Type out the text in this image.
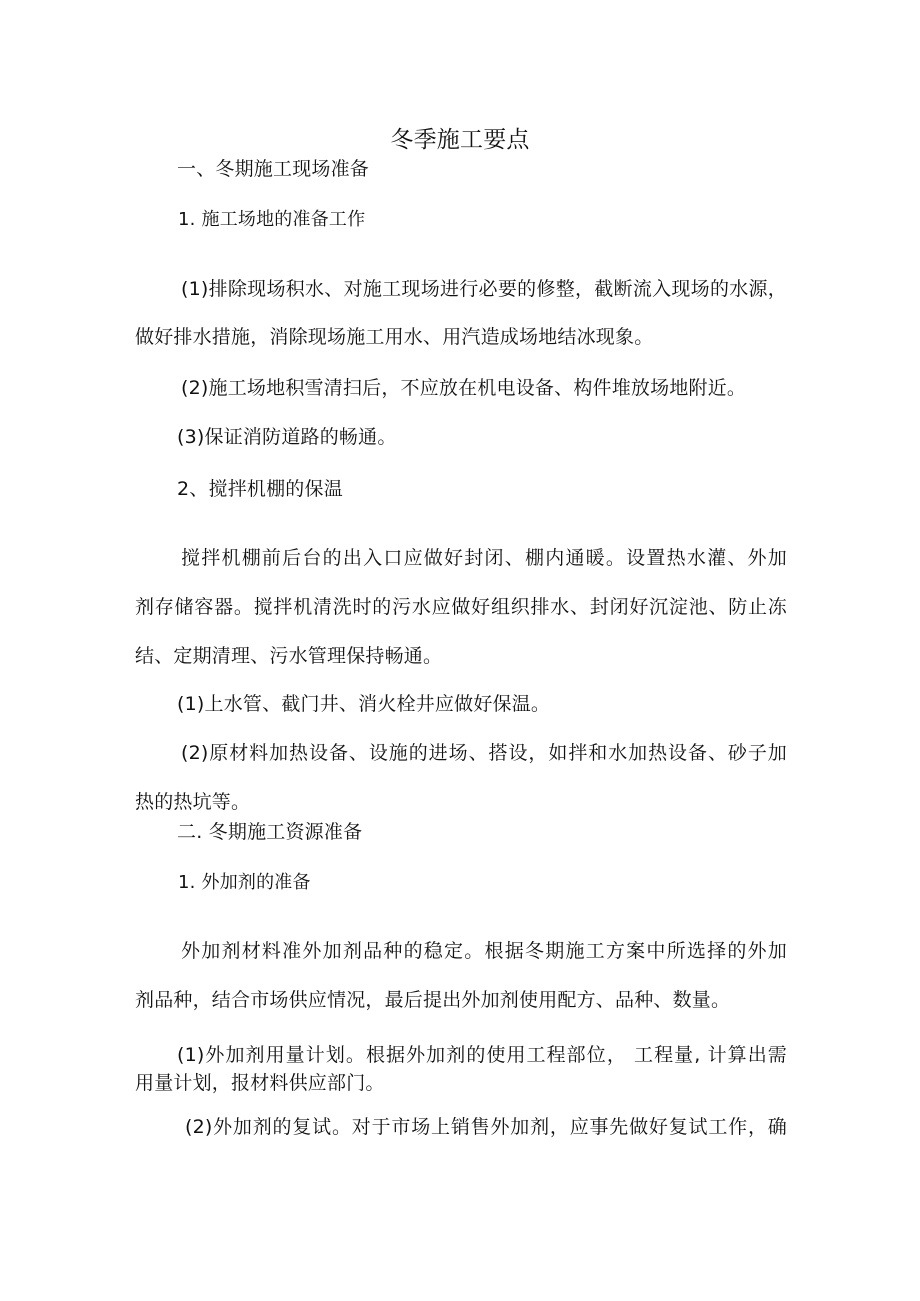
冬季施工要点
一、冬期施工现场准备
1. 施工场地的准备工作
(1)排除现场积水、对施工现场进行必要的修整，截断流入现场的水源，
做好排水措施，消除现场施工用水、用汽造成场地结冰现象。
(2)施工场地积雪清扫后，不应放在机电设备、构件堆放场地附近。
(3)保证消防道路的畅通。
2、搅拌机棚的保温
搅拌机棚前后台的出入口应做好封闭、棚内通暖。设置热水灌、外加
剂存储容器。搅拌机清洗时的污水应做好组织排水、封闭好沉淀池、防止冻
结、定期清理、污水管理保持畅通。
(1)上水管、截门井、消火栓井应做好保温。
(2)原材料加热设备、设施的进场、搭设，如拌和水加热设备、砂子加
热的热坑等。
二. 冬期施工资源准备
1. 外加剂的准备
外加剂材料准外加剂品种的稳定。根据冬期施工方案中所选择的外加
剂品种，结合市场供应情况，最后提出外加剂使用配方、品种、数量。
(1)外加剂用量计划。根据外加剂的使用工程部位， 工程量, 计算出需
用量计划，报材料供应部门。
(2)外加剂的复试。对于市场上销售外加剂，应事先做好复试工作，确
